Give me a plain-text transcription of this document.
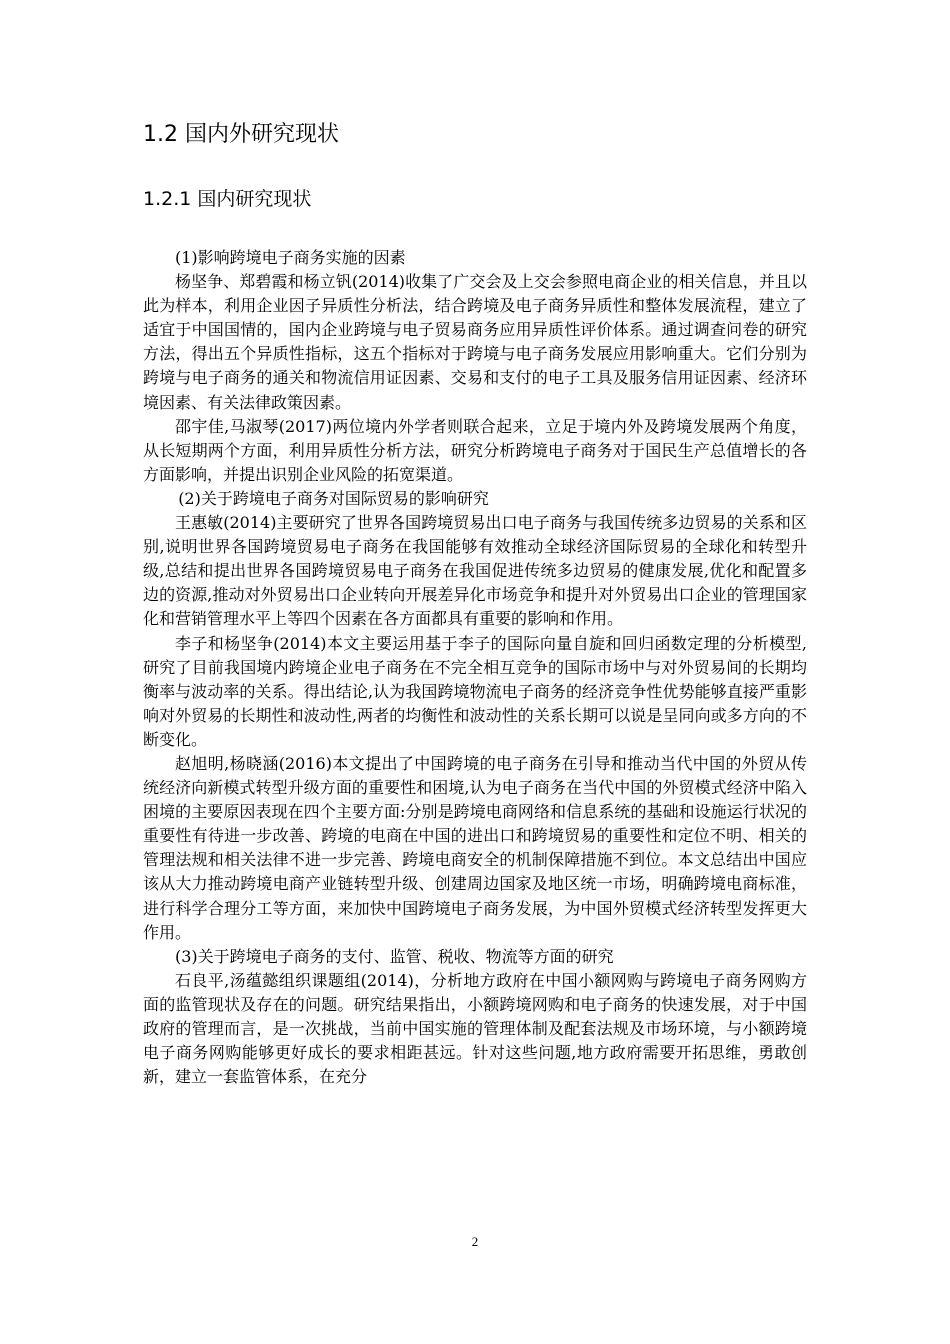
1.2 国内外研究现状
1.2.1 国内研究现状

(1)影响跨境电子商务实施的因素

杨坚争、郑碧霞和杨立钒(2014)收集了广交会及上交会参照电商企业的相关信息，并且以此为样本，利用企业因子异质性分析法，结合跨境及电子商务异质性和整体发展流程，建立了适宜于中国国情的，国内企业跨境与电子贸易商务应用异质性评价体系。通过调查问卷的研究方法，得出五个异质性指标，这五个指标对于跨境与电子商务发展应用影响重大。它们分别为跨境与电子商务的通关和物流信用证因素、交易和支付的电子工具及服务信用证因素、经济环境因素、有关法律政策因素。

邵宇佳,马淑琴(2017)两位境内外学者则联合起来，立足于境内外及跨境发展两个角度，从长短期两个方面，利用异质性分析方法，研究分析跨境电子商务对于国民生产总值增长的各方面影响，并提出识别企业风险的拓宽渠道。

(2)关于跨境电子商务对国际贸易的影响研究

王惠敏(2014)主要研究了世界各国跨境贸易出口电子商务与我国传统多边贸易的关系和区别,说明世界各国跨境贸易电子商务在我国能够有效推动全球经济国际贸易的全球化和转型升级,总结和提出世界各国跨境贸易电子商务在我国促进传统多边贸易的健康发展,优化和配置多边的资源,推动对外贸易出口企业转向开展差异化市场竞争和提升对外贸易出口企业的管理国家化和营销管理水平上等四个因素在各方面都具有重要的影响和作用。

李子和杨坚争(2014)本文主要运用基于李子的国际向量自旋和回归函数定理的分析模型,研究了目前我国境内跨境企业电子商务在不完全相互竞争的国际市场中与对外贸易间的长期均衡率与波动率的关系。得出结论,认为我国跨境物流电子商务的经济竞争性优势能够直接严重影响对外贸易的长期性和波动性,两者的均衡性和波动性的关系长期可以说是呈同向或多方向的不断变化。

赵旭明,杨晓涵(2016)本文提出了中国跨境的电子商务在引导和推动当代中国的外贸从传统经济向新模式转型升级方面的重要性和困境,认为电子商务在当代中国的外贸模式经济中陷入困境的主要原因表现在四个主要方面:分别是跨境电商网络和信息系统的基础和设施运行状况的重要性有待进一步改善、跨境的电商在中国的进出口和跨境贸易的重要性和定位不明、相关的管理法规和相关法律不进一步完善、跨境电商安全的机制保障措施不到位。本文总结出中国应该从大力推动跨境电商产业链转型升级、创建周边国家及地区统一市场，明确跨境电商标准，进行科学合理分工等方面，来加快中国跨境电子商务发展，为中国外贸模式经济转型发挥更大作用。

(3)关于跨境电子商务的支付、监管、税收、物流等方面的研究

石良平,汤蕴懿组织课题组(2014)，分析地方政府在中国小额网购与跨境电子商务网购方面的监管现状及存在的问题。研究结果指出，小额跨境网购和电子商务的快速发展，对于中国政府的管理而言，是一次挑战，当前中国实施的管理体制及配套法规及市场环境，与小额跨境电子商务网购能够更好成长的要求相距甚远。针对这些问题,地方政府需要开拓思维，勇敢创新，建立一套监管体系，在充分

2
